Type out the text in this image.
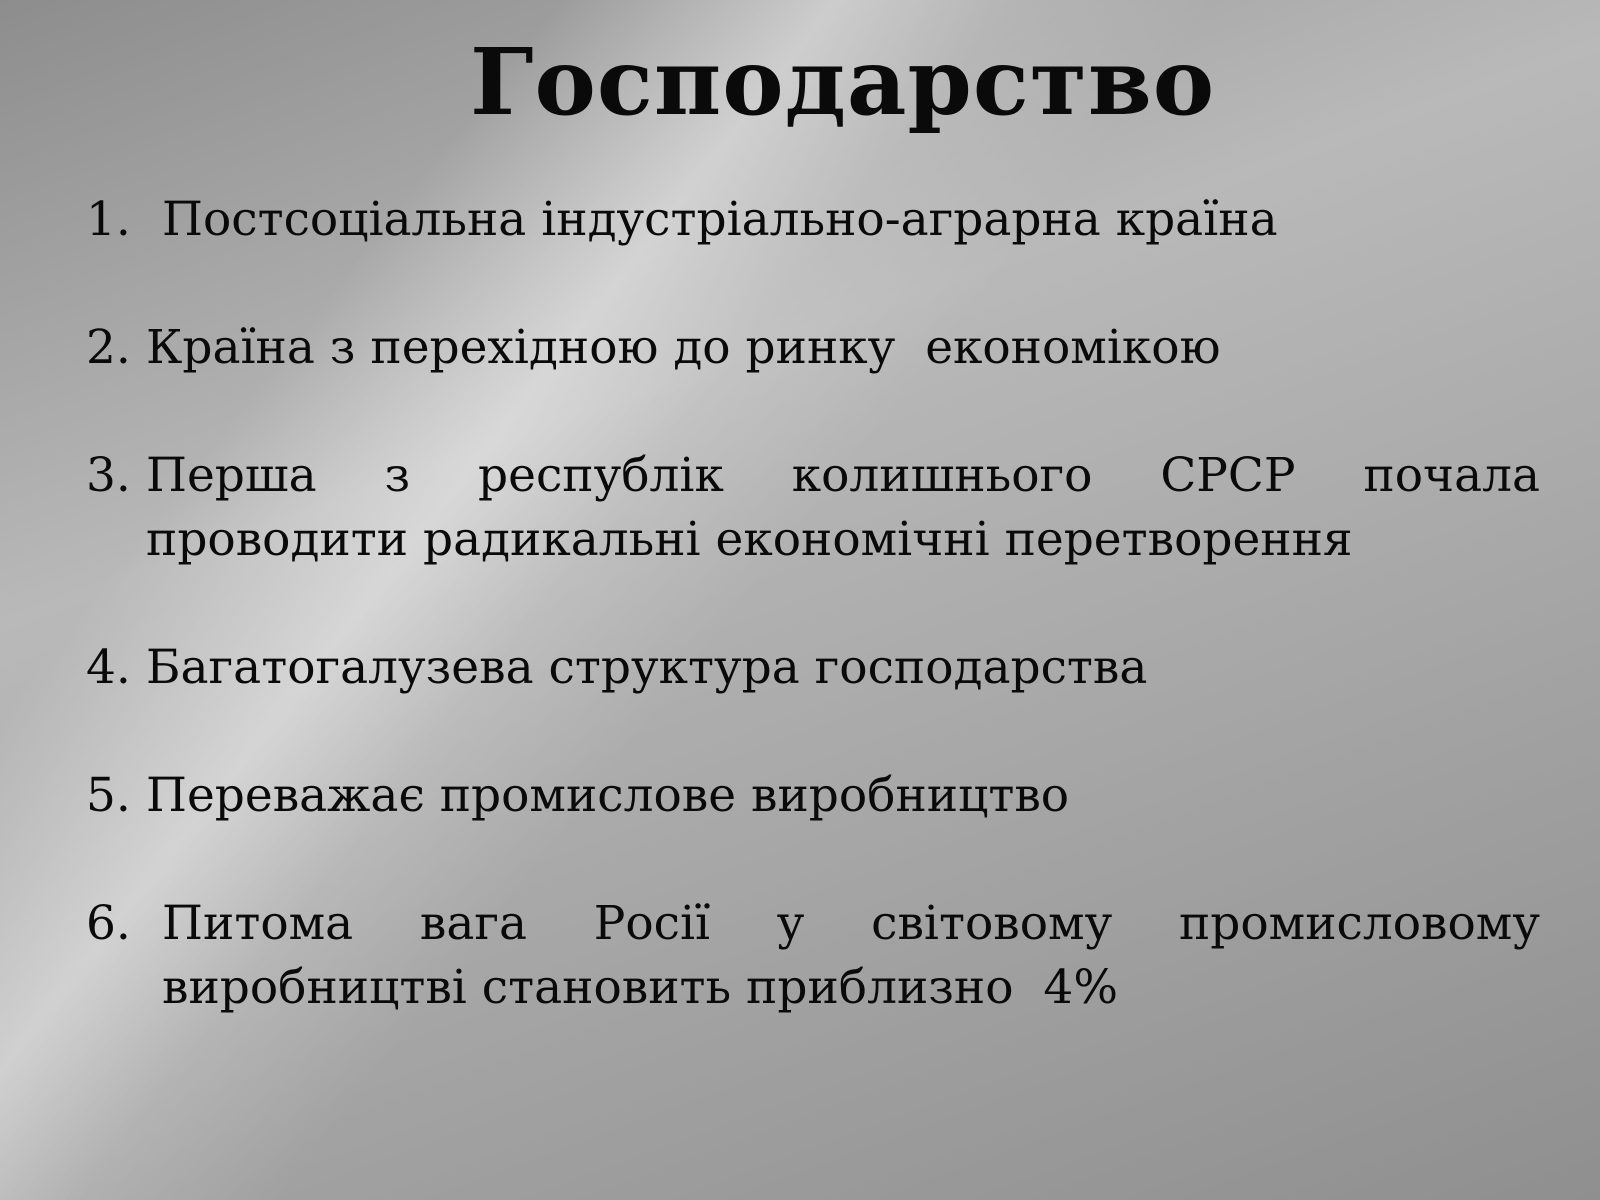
Господарство
1. Постсоціальна індустріально-аграрна країна
2. Країна з перехідною до ринку  економікою
3. Перша з республік колишнього СРСР почала проводити радикальні економічні перетворення
4. Багатогалузева структура господарства
5. Переважає промислове виробництво
6. Питома вага Росії у світовому промисловому виробництві становить приблизно  4%
